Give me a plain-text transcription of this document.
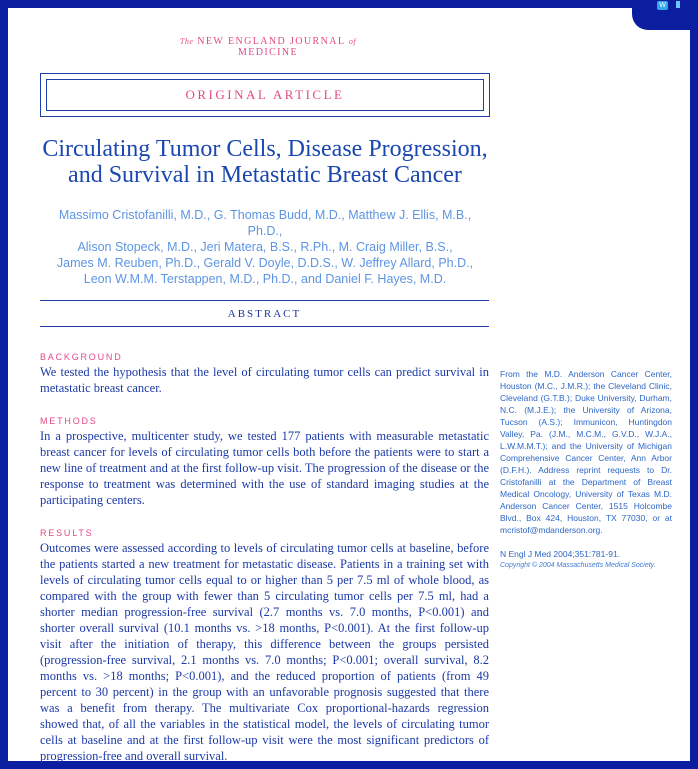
W
The NEW ENGLAND JOURNAL of MEDICINE
ORIGINAL ARTICLE
Circulating Tumor Cells, Disease Progression,
and Survival in Metastatic Breast Cancer
Massimo Cristofanilli, M.D., G. Thomas Budd, M.D., Matthew J. Ellis, M.B., Ph.D.,
Alison Stopeck, M.D., Jeri Matera, B.S., R.Ph., M. Craig Miller, B.S.,
James M. Reuben, Ph.D., Gerald V. Doyle, D.D.S., W. Jeffrey Allard, Ph.D.,
Leon W.M.M. Terstappen, M.D., Ph.D., and Daniel F. Hayes, M.D.
ABSTRACT
BACKGROUND
We tested the hypothesis that the level of circulating tumor cells can predict survival in metastatic breast cancer.
METHODS
In a prospective, multicenter study, we tested 177 patients with measurable metastatic breast cancer for levels of circulating tumor cells both before the patients were to start a new line of treatment and at the first follow-up visit. The progression of the disease or the response to treatment was determined with the use of standard imaging studies at the participating centers.
RESULTS
Outcomes were assessed according to levels of circulating tumor cells at baseline, before the patients started a new treatment for metastatic disease. Patients in a training set with levels of circulating tumor cells equal to or higher than 5 per 7.5 ml of whole blood, as compared with the group with fewer than 5 circulating tumor cells per 7.5 ml, had a shorter median progression-free survival (2.7 months vs. 7.0 months, P<0.001) and shorter overall survival (10.1 months vs. >18 months, P<0.001). At the first follow-up visit after the initiation of therapy, this difference between the groups persisted (progression-free survival, 2.1 months vs. 7.0 months; P<0.001; overall survival, 8.2 months vs. >18 months; P<0.001), and the reduced proportion of patients (from 49 percent to 30 percent) in the group with an unfavorable prognosis suggested that there was a benefit from therapy. The multivariate Cox proportional-hazards regression showed that, of all the variables in the statistical model, the levels of circulating tumor cells at baseline and at the first follow-up visit were the most significant predictors of progression-free and overall survival.
From the M.D. Anderson Cancer Center, Houston (M.C., J.M.R.); the Cleveland Clinic, Cleveland (G.T.B.); Duke University, Durham, N.C. (M.J.E.); the University of Arizona, Tucson (A.S.); Immunicon, Huntingdon Valley, Pa. (J.M., M.C.M., G.V.D., W.J.A., L.W.M.M.T.); and the University of Michigan Comprehensive Cancer Center, Ann Arbor (D.F.H.). Address reprint requests to Dr. Cristofanilli at the Department of Breast Medical Oncology, University of Texas M.D. Anderson Cancer Center, 1515 Holcombe Blvd., Box 424, Houston, TX 77030, or at mcristof@mdanderson.org.
N Engl J Med 2004;351:781-91.
Copyright © 2004 Massachusetts Medical Society.
